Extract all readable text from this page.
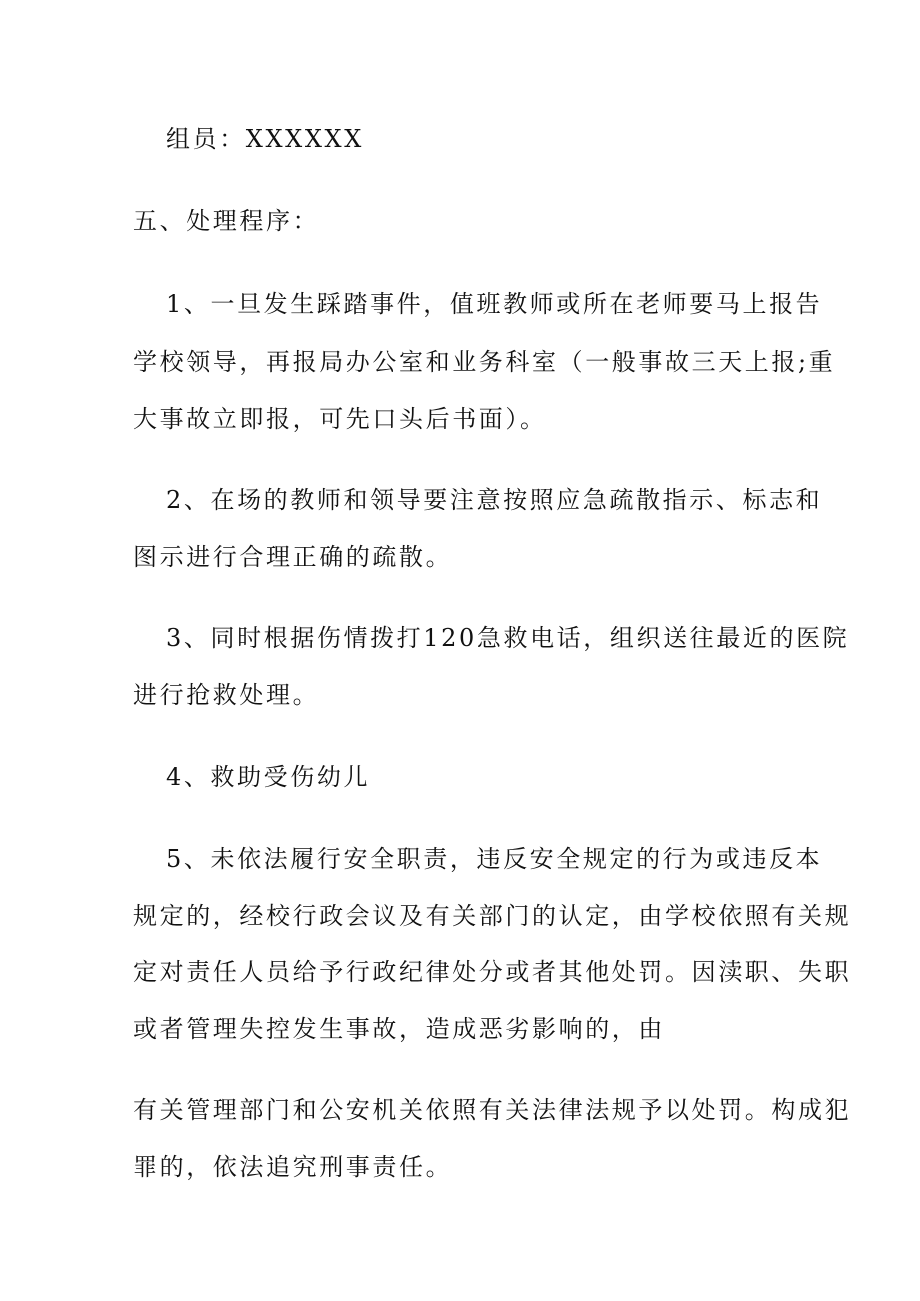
组员：XXXXXX
五、处理程序：
1、一旦发生踩踏事件，值班教师或所在老师要马上报告
学校领导，再报局办公室和业务科室（一般事故三天上报;重
大事故立即报，可先口头后书面）。
2、在场的教师和领导要注意按照应急疏散指示、标志和
图示进行合理正确的疏散。
3、同时根据伤情拨打120急救电话，组织送往最近的医院
进行抢救处理。
4、救助受伤幼儿
5、未依法履行安全职责，违反安全规定的行为或违反本
规定的，经校行政会议及有关部门的认定，由学校依照有关规
定对责任人员给予行政纪律处分或者其他处罚。因渎职、失职
或者管理失控发生事故，造成恶劣影响的，由
有关管理部门和公安机关依照有关法律法规予以处罚。构成犯
罪的，依法追究刑事责任。
